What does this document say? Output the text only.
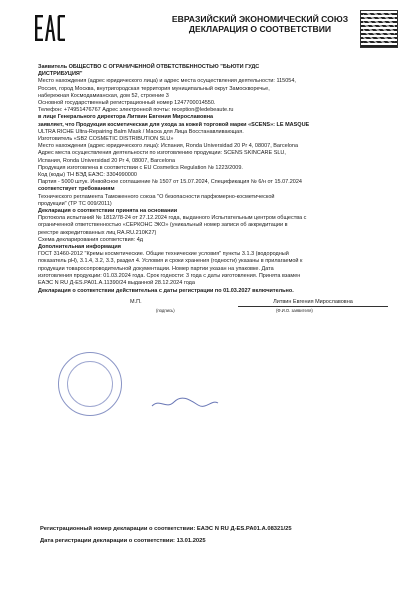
ЕВРАЗИЙСКИЙ ЭКОНОМИЧЕСКИЙ СОЮЗ
ДЕКЛАРАЦИЯ О СООТВЕТСТВИИ

Заявитель ОБЩЕСТВО С ОГРАНИЧЕННОЙ ОТВЕТСТВЕННОСТЬЮ "БЬЮТИ ГУДС

ДИСТРИБУЦИЯ"

Место нахождения (адрес юридического лица) и адрес места осуществления деятельности: 115054,

Россия, город Москва, внутригородская территория муниципальный округ Замоскворечье,

набережная Космодамианская, дом 52, строение 3

Основной государственный регистрационный номер 1247700014550.

Телефон: +74951476767 Адрес электронной почты: reception@ledebeaute.ru

в лице Генерального директора Литвин Евгения Мирославовна

заявляет, что Продукция косметическая для ухода за кожей торговой марки «SCENS»: LE MASQUE

ULTRA RICHE Ultra-Repairing Balm Mask / Маска для Лица Восстанавливающая.

Изготовитель «SB2 COSMETIC DISTRIBUTION SLU»

Место нахождения (адрес юридического лица): Испания, Ronda Universidad 20 Pr 4, 08007, Barcelona

Адрес места осуществления деятельности по изготовлению продукции: SCENS SKINCARE SLU,

Испания, Ronda Universidad 20 Pr 4, 08007, Barcelona

Продукция изготовлена в соответствии с EU Cosmetics Regulation № 1223/2009.

Код (коды) ТН ВЭД ЕАЭС: 3304990000

Партия - 5000 штук. Инвойсное соглашение № 1507 от 15.07.2024, Спецификация № 6/н от 15.07.2024

соответствует требованиям

Технического регламента Таможенного союза "О безопасности парфюмерно-косметической

продукции" (ТР ТС 009/2011)

Декларация о соответствии принята на основании

Протокола испытаний № 1812/78-24 от 27.12.2024 года, выданного Испытательным центром общества с

ограниченной ответственностью «СЕРКОНС ЭКО» (уникальный номер записи об аккредитации в

реестре аккредитованных лиц RA.RU.210K27)

Схема декларирования соответствия: 4д

Дополнительная информация

ГОСТ 31460-2012 "Кремы косметические. Общие технические условия" пункты 3.1.3 (водородный

показатель pH), 3.1.4, 3.2, 3.3, раздел 4. Условия и сроки хранения (годности) указаны в прилагаемой к

продукции товаросопроводительной документации. Номер партии указан на упаковке. Дата

изготовления продукции: 01.03.2024 года. Срок годности: 3 года с даты изготовления. Принята взамен

ЕАЭС N RU Д-ES.PA01.A.11390/24 выданной 28.12.2024 года

Декларация о соответствии действительна с даты регистрации по 01.03.2027 включительно.

М.П.	Литвин Евгения Мирославовна
(подпись)	(Ф.И.О. заявителя)
Регистрационный номер декларации о соответствии: ЕАЭС N RU Д-ES.PA01.A.08321/25
Дата регистрации декларации о соответствии: 13.01.2025
